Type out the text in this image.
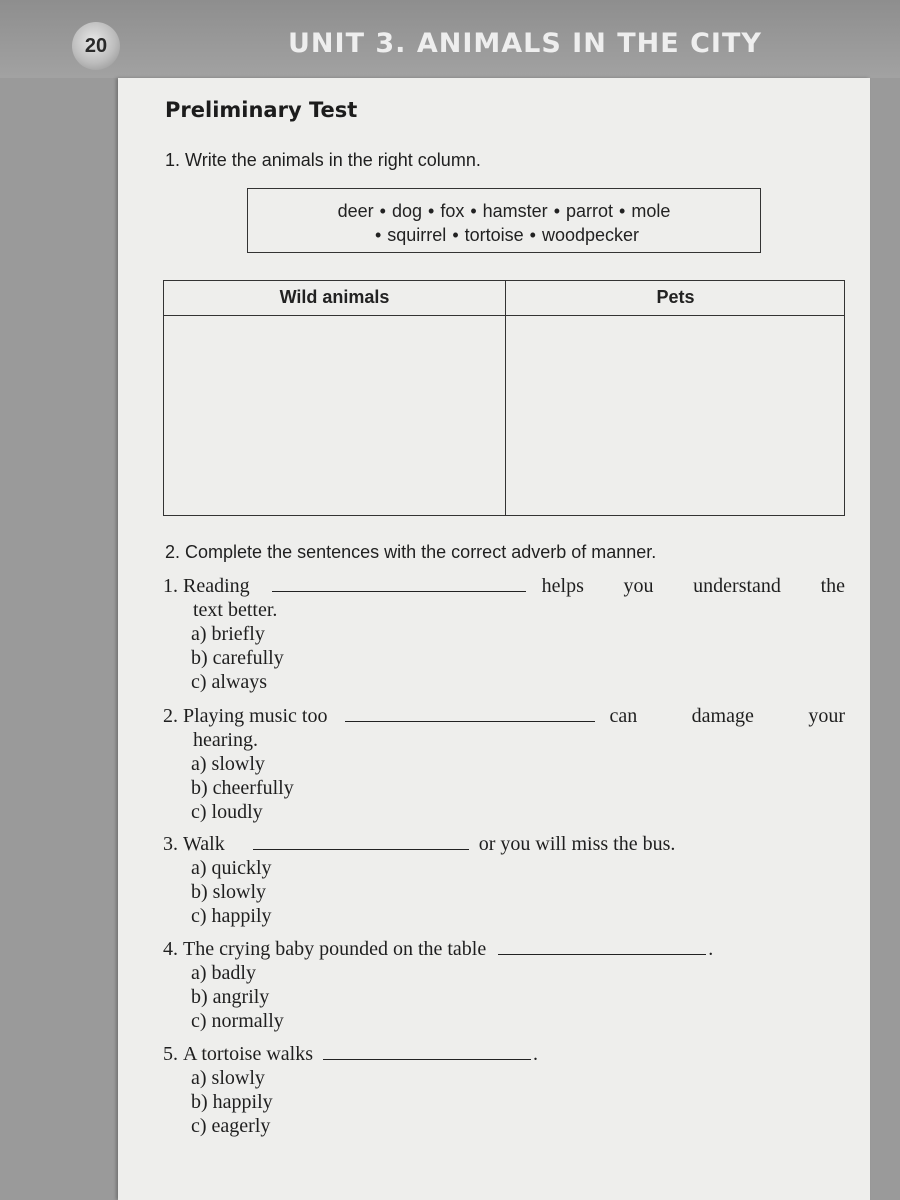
20	UNIT 3. ANIMALS IN THE CITY
Preliminary Test
1. Write the animals in the right column.
deer • dog • fox • hamster • parrot • mole
• squirrel • tortoise • woodpecker
Wild animals	Pets
2. Complete the sentences with the correct adverb of manner.
1.
Reading	helps you understand the
text better.
a) briefly
b) carefully
c) always
2.
Playing music too	can	damage	your
hearing.
a) slowly
b) cheerfully
c) loudly
3.
Walk	or you will miss the bus.
a) quickly
b) slowly
c) happily
4.
The crying baby pounded on the table	.
a) badly
b) angrily
c) normally
5.
A tortoise walks	.
a) slowly
b) happily
c) eagerly
